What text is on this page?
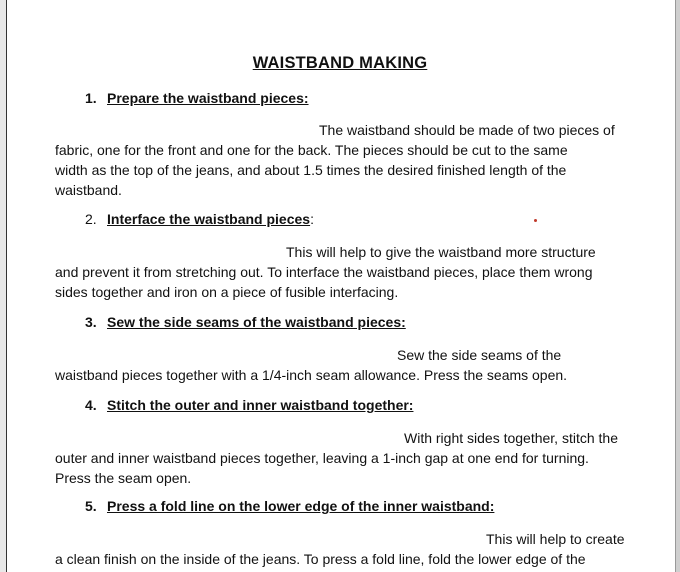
WAISTBAND MAKING
1. Prepare the waistband pieces:
The waistband should be made of two pieces of
fabric, one for the front and one for the back. The pieces should be cut to the same
width as the top of the jeans, and about 1.5 times the desired finished length of the
waistband.
2. Interface the waistband pieces:
This will help to give the waistband more structure
and prevent it from stretching out. To interface the waistband pieces, place them wrong
sides together and iron on a piece of fusible interfacing.
3. Sew the side seams of the waistband pieces:
Sew the side seams of the
waistband pieces together with a 1/4-inch seam allowance. Press the seams open.
4. Stitch the outer and inner waistband together:
With right sides together, stitch the
outer and inner waistband pieces together, leaving a 1-inch gap at one end for turning.
Press the seam open.
5. Press a fold line on the lower edge of the inner waistband:
This will help to create
a clean finish on the inside of the jeans. To press a fold line, fold the lower edge of the
